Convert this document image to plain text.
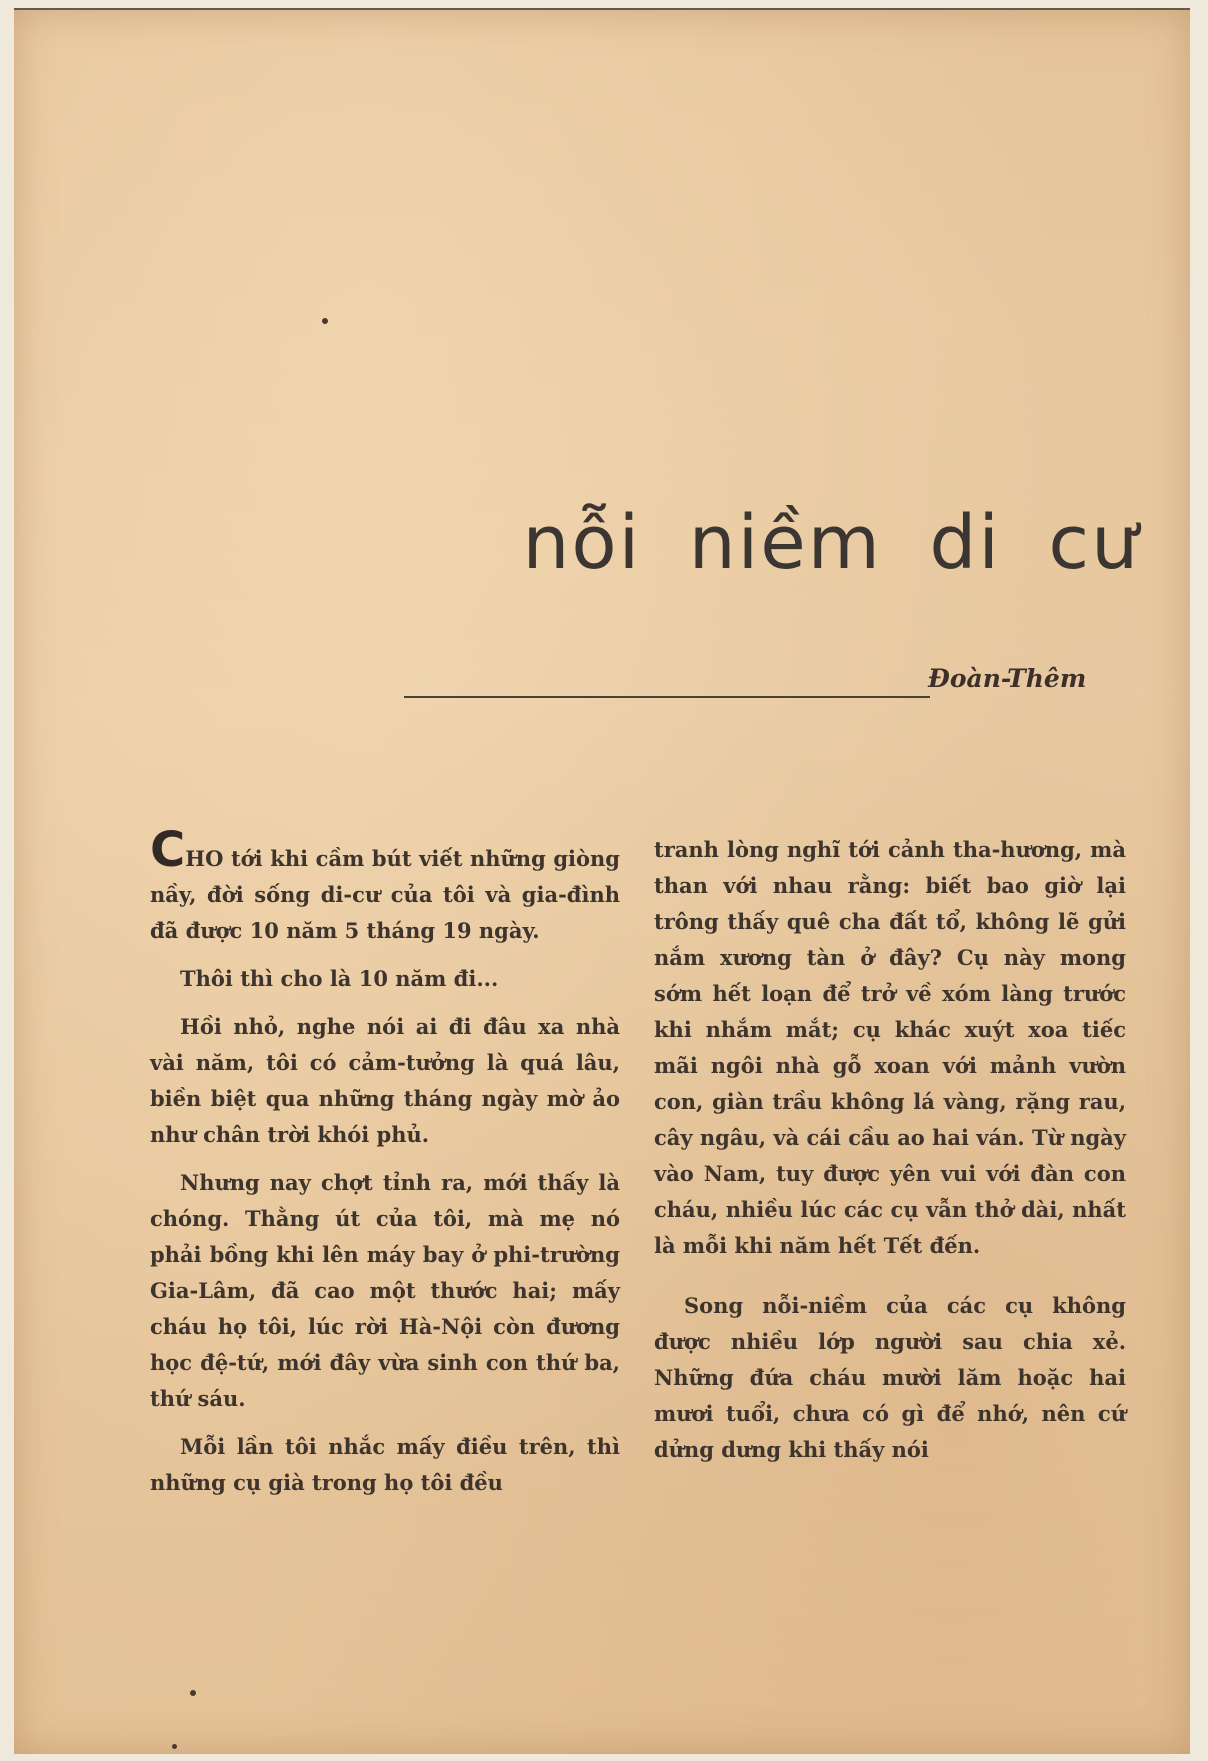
nỗi niềm di cư
Đoàn-Thêm

CHO tới khi cầm bút viết những giòng nầy, đời sống di-cư của tôi và gia-đình đã được 10 năm 5 tháng 19 ngày.

Thôi thì cho là 10 năm đi...

Hồi nhỏ, nghe nói ai đi đâu xa nhà vài năm, tôi có cảm-tưởng là quá lâu, biền biệt qua những tháng ngày mờ ảo như chân trời khói phủ.

Nhưng nay chợt tỉnh ra, mới thấy là chóng. Thằng út của tôi, mà mẹ nó phải bồng khi lên máy bay ở phi-trường Gia-Lâm, đã cao một thước hai; mấy cháu họ tôi, lúc rời Hà-Nội còn đương học đệ-tứ, mới đây vừa sinh con thứ ba, thứ sáu.

Mỗi lần tôi nhắc mấy điều trên, thì những cụ già trong họ tôi đều

tranh lòng nghĩ tới cảnh tha-hương, mà than với nhau rằng: biết bao giờ lại trông thấy quê cha đất tổ, không lẽ gửi nắm xương tàn ở đây? Cụ này mong sớm hết loạn để trở về xóm làng trước khi nhắm mắt; cụ khác xuýt xoa tiếc mãi ngôi nhà gỗ xoan với mảnh vườn con, giàn trầu không lá vàng, rặng rau, cây ngâu, và cái cầu ao hai ván. Từ ngày vào Nam, tuy được yên vui với đàn con cháu, nhiều lúc các cụ vẫn thở dài, nhất là mỗi khi năm hết Tết đến.

Song nỗi-niềm của các cụ không được nhiều lớp người sau chia xẻ. Những đứa cháu mười lăm hoặc hai mươi tuổi, chưa có gì để nhớ, nên cứ dửng dưng khi thấy nói
